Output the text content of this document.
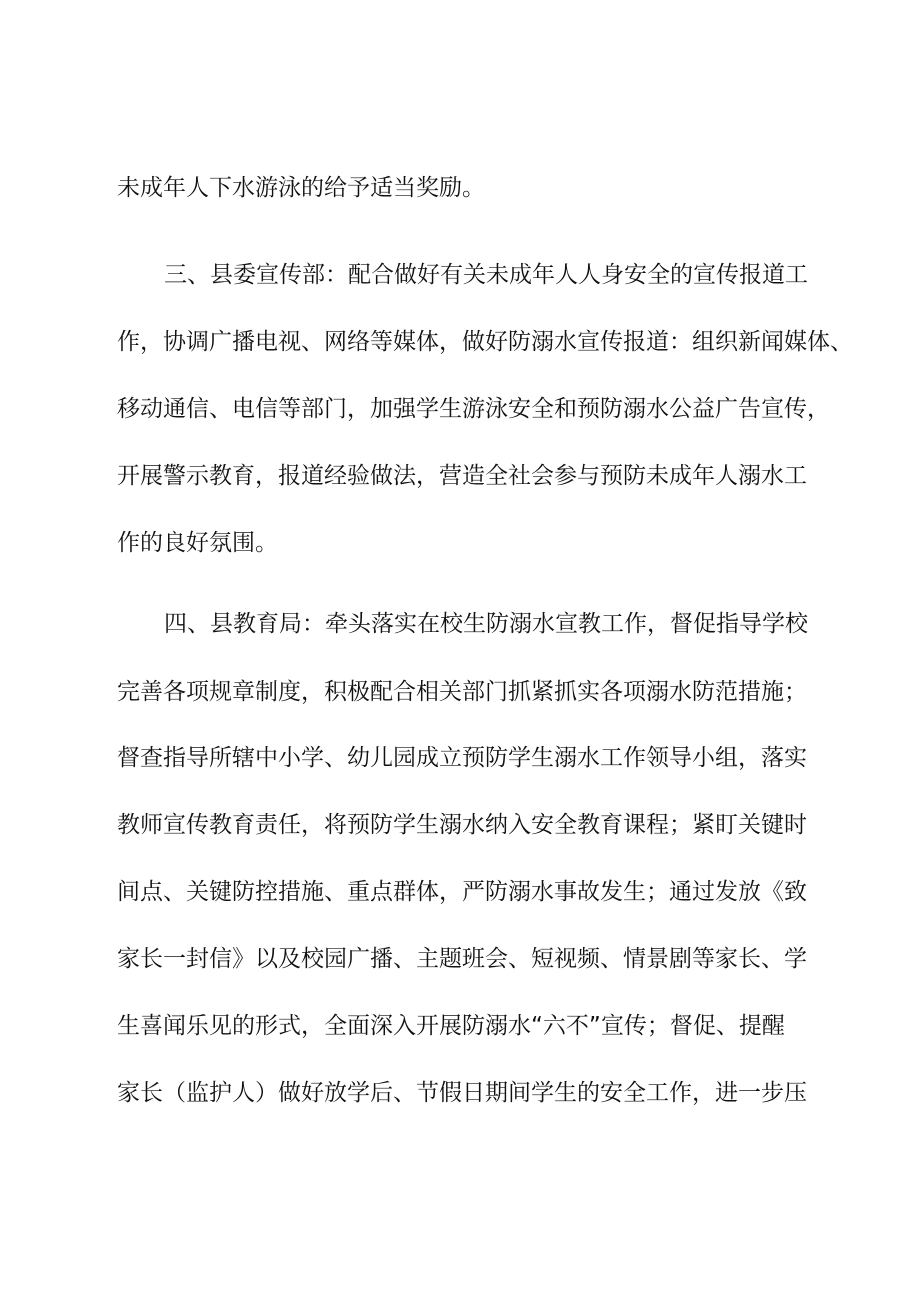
未成年人下水游泳的给予适当奖励。
三、县委宣传部：配合做好有关未成年人人身安全的宣传报道工
作，协调广播电视、网络等媒体，做好防溺水宣传报道：组织新闻媒体、
移动通信、电信等部门，加强学生游泳安全和预防溺水公益广告宣传，
开展警示教育，报道经验做法，营造全社会参与预防未成年人溺水工
作的良好氛围。
四、县教育局：牵头落实在校生防溺水宣教工作，督促指导学校
完善各项规章制度，积极配合相关部门抓紧抓实各项溺水防范措施；
督查指导所辖中小学、幼儿园成立预防学生溺水工作领导小组，落实
教师宣传教育责任，将预防学生溺水纳入安全教育课程；紧盯关键时
间点、关键防控措施、重点群体，严防溺水事故发生；通过发放《致
家长一封信》以及校园广播、主题班会、短视频、情景剧等家长、学
生喜闻乐见的形式，全面深入开展防溺水“六不”宣传；督促、提醒
家长（监护人）做好放学后、节假日期间学生的安全工作，进一步压
